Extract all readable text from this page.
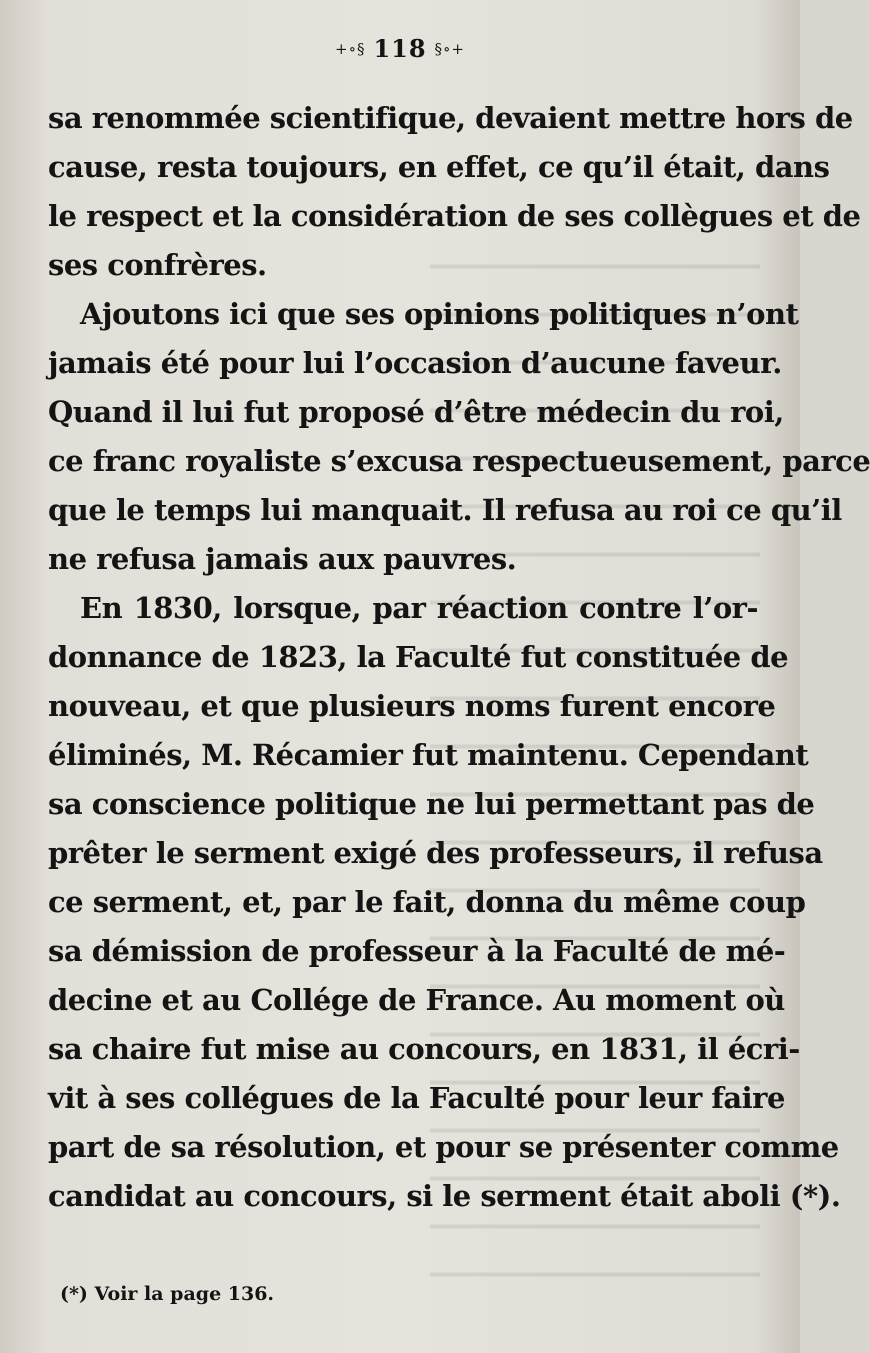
+∘§ 118 §∘+
sa renommée scientifique, devaient mettre hors de
cause, resta toujours, en effet, ce qu’il était, dans
le respect et la considération de ses collègues et de
ses confrères.
Ajoutons ici que ses opinions politiques n’ont
jamais été pour lui l’occasion d’aucune faveur.
Quand il lui fut proposé d’être médecin du roi,
ce franc royaliste s’excusa respectueusement, parce
que le temps lui manquait. Il refusa au roi ce qu’il
ne refusa jamais aux pauvres.
En 1830, lorsque, par réaction contre l’or-
donnance de 1823, la Faculté fut constituée de
nouveau, et que plusieurs noms furent encore
éliminés, M. Récamier fut maintenu. Cependant
sa conscience politique ne lui permettant pas de
prêter le serment exigé des professeurs, il refusa
ce serment, et, par le fait, donna du même coup
sa démission de professeur à la Faculté de mé-
decine et au Collége de France. Au moment où
sa chaire fut mise au concours, en 1831, il écri-
vit à ses collégues de la Faculté pour leur faire
part de sa résolution, et pour se présenter comme
candidat au concours, si le serment était aboli (*).
(*) Voir la page 136.
